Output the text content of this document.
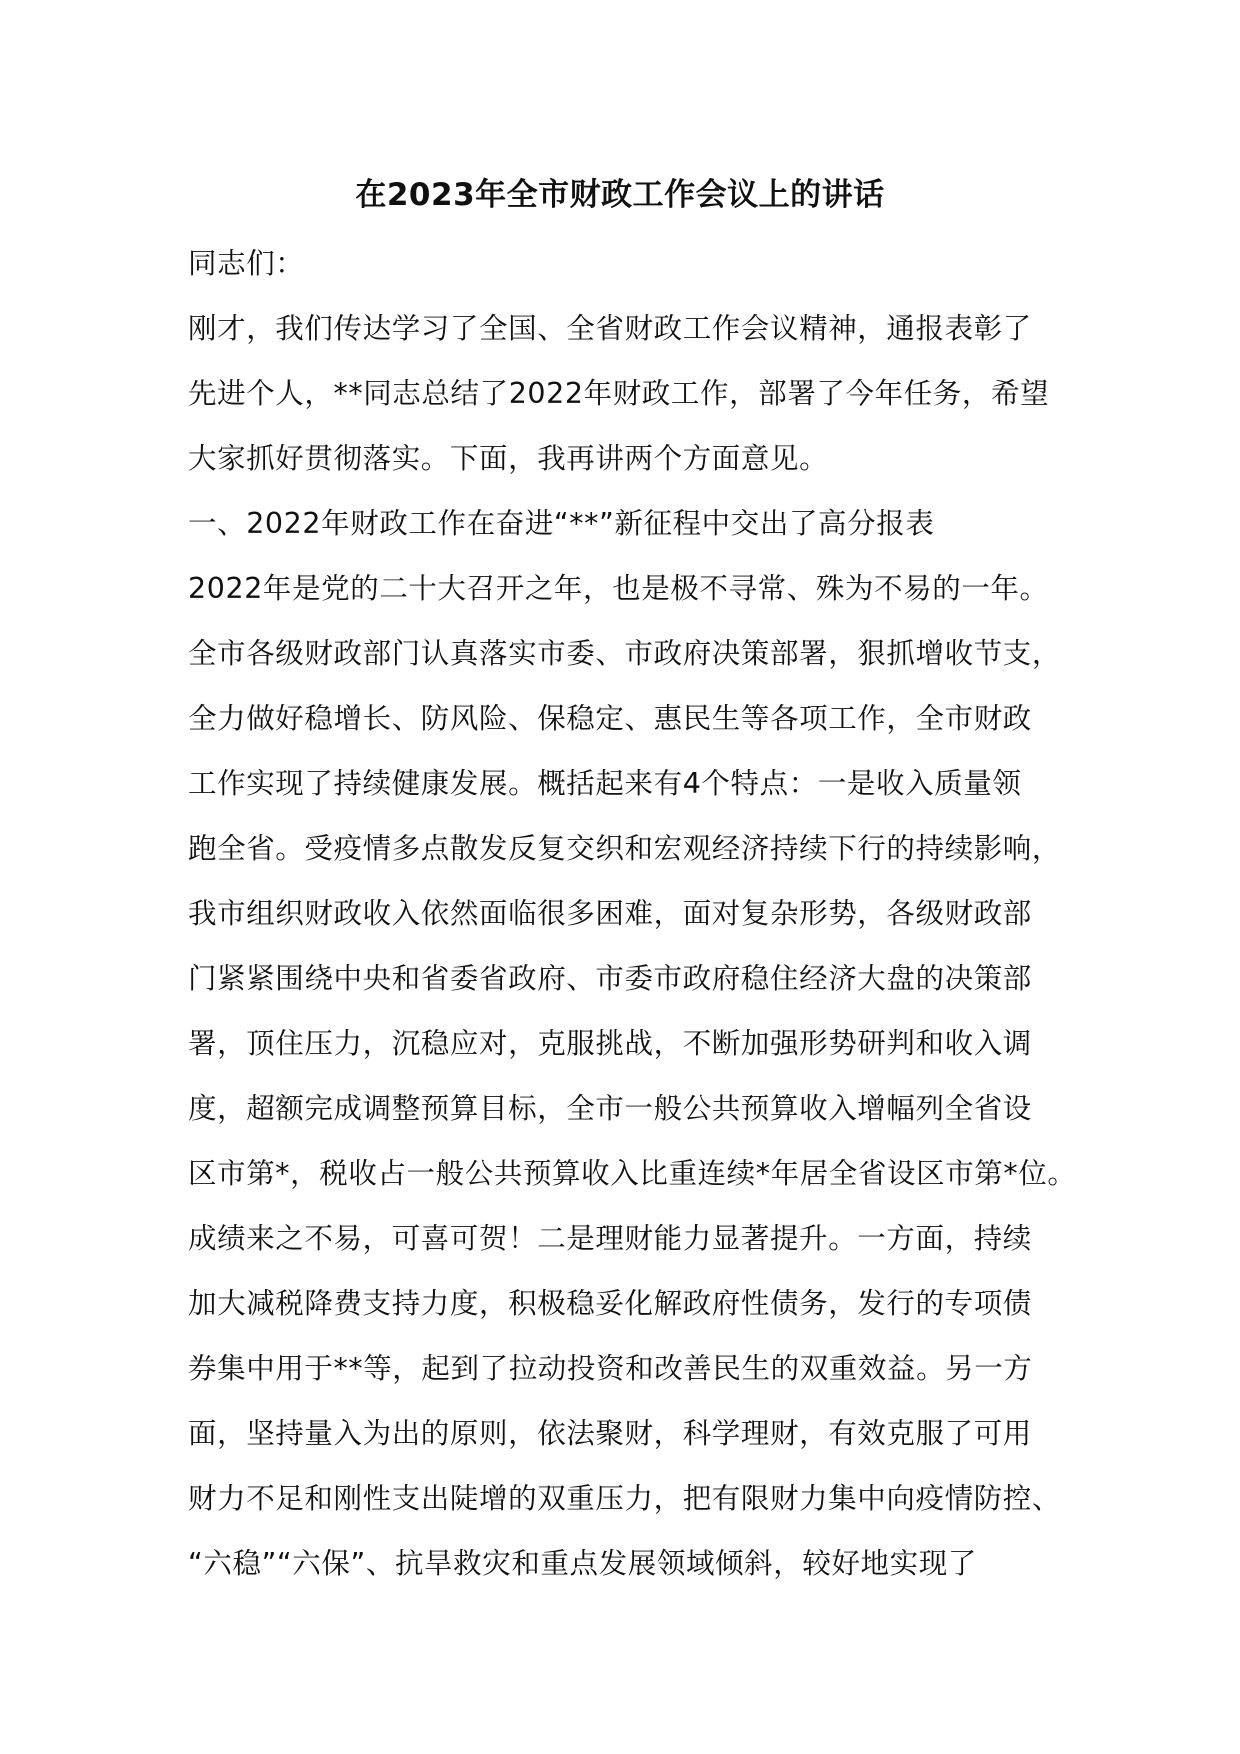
在2023年全市财政工作会议上的讲话
同志们：
刚才，我们传达学习了全国、全省财政工作会议精神，通报表彰了
先进个人，**同志总结了2022年财政工作，部署了今年任务，希望
大家抓好贯彻落实。下面，我再讲两个方面意见。
一、2022年财政工作在奋进“**”新征程中交出了高分报表
2022年是党的二十大召开之年，也是极不寻常、殊为不易的一年。
全市各级财政部门认真落实市委、市政府决策部署，狠抓增收节支，
全力做好稳增长、防风险、保稳定、惠民生等各项工作，全市财政
工作实现了持续健康发展。概括起来有4个特点：一是收入质量领
跑全省。受疫情多点散发反复交织和宏观经济持续下行的持续影响，
我市组织财政收入依然面临很多困难，面对复杂形势，各级财政部
门紧紧围绕中央和省委省政府、市委市政府稳住经济大盘的决策部
署，顶住压力，沉稳应对，克服挑战，不断加强形势研判和收入调
度，超额完成调整预算目标，全市一般公共预算收入增幅列全省设
区市第*，税收占一般公共预算收入比重连续*年居全省设区市第*位。
成绩来之不易，可喜可贺！二是理财能力显著提升。一方面，持续
加大减税降费支持力度，积极稳妥化解政府性债务，发行的专项债
券集中用于**等，起到了拉动投资和改善民生的双重效益。另一方
面，坚持量入为出的原则，依法聚财，科学理财，有效克服了可用
财力不足和刚性支出陡增的双重压力，把有限财力集中向疫情防控、
“六稳”“六保”、抗旱救灾和重点发展领域倾斜，较好地实现了
